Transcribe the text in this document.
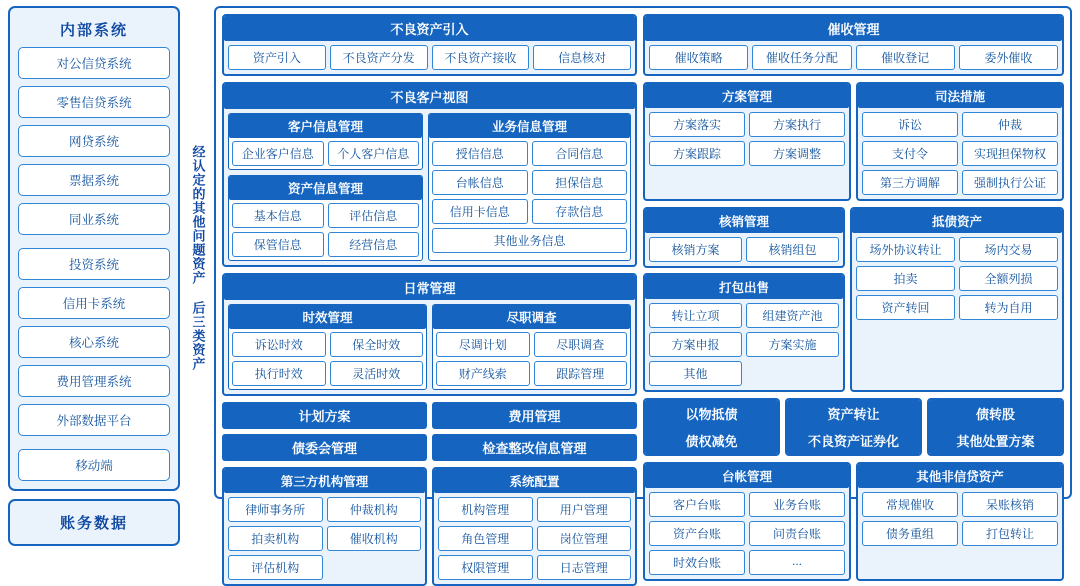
内部系统
对公信贷系统
零售信贷系统
网贷系统
票据系统
同业系统
投资系统
信用卡系统
核心系统
费用管理系统
外部数据平台
移动端
账务数据
经认定的其他问题资产 后三类资产
不良资产引入
资产引入	不良资产分发	不良资产接收	信息核对
不良客户视图
客户信息管理
企业客户信息	个人客户信息
资产信息管理
基本信息	评估信息
保管信息	经营信息
业务信息管理
授信信息	合同信息
台帐信息	担保信息
信用卡信息	存款信息
其他业务信息
日常管理
时效管理
诉讼时效	保全时效
执行时效	灵活时效
尽职调查
尽调计划	尽职调查
财产线索	跟踪管理
计划方案
债委会管理
费用管理
检查整改信息管理
第三方机构管理
律师事务所	仲裁机构
拍卖机构	催收机构
评估机构
系统配置
机构管理	用户管理
角色管理	岗位管理
权限管理	日志管理
催收管理
催收策略	催收任务分配	催收登记	委外催收
方案管理
方案落实	方案执行
方案跟踪	方案调整
司法措施
诉讼	仲裁
支付令	实现担保物权
第三方调解	强制执行公证
核销管理
核销方案	核销组包
打包出售
转让立项	组建资产池
方案申报	方案实施
其他
抵债资产
场外协议转让	场内交易
拍卖	全额列损
资产转回	转为自用
以物抵债
债权减免
资产转让
不良资产证券化
债转股
其他处置方案
台帐管理
客户台账	业务台账
资产台账	问责台账
时效台账	...
其他非信贷资产
常规催收	呆账核销
债务重组	打包转让
